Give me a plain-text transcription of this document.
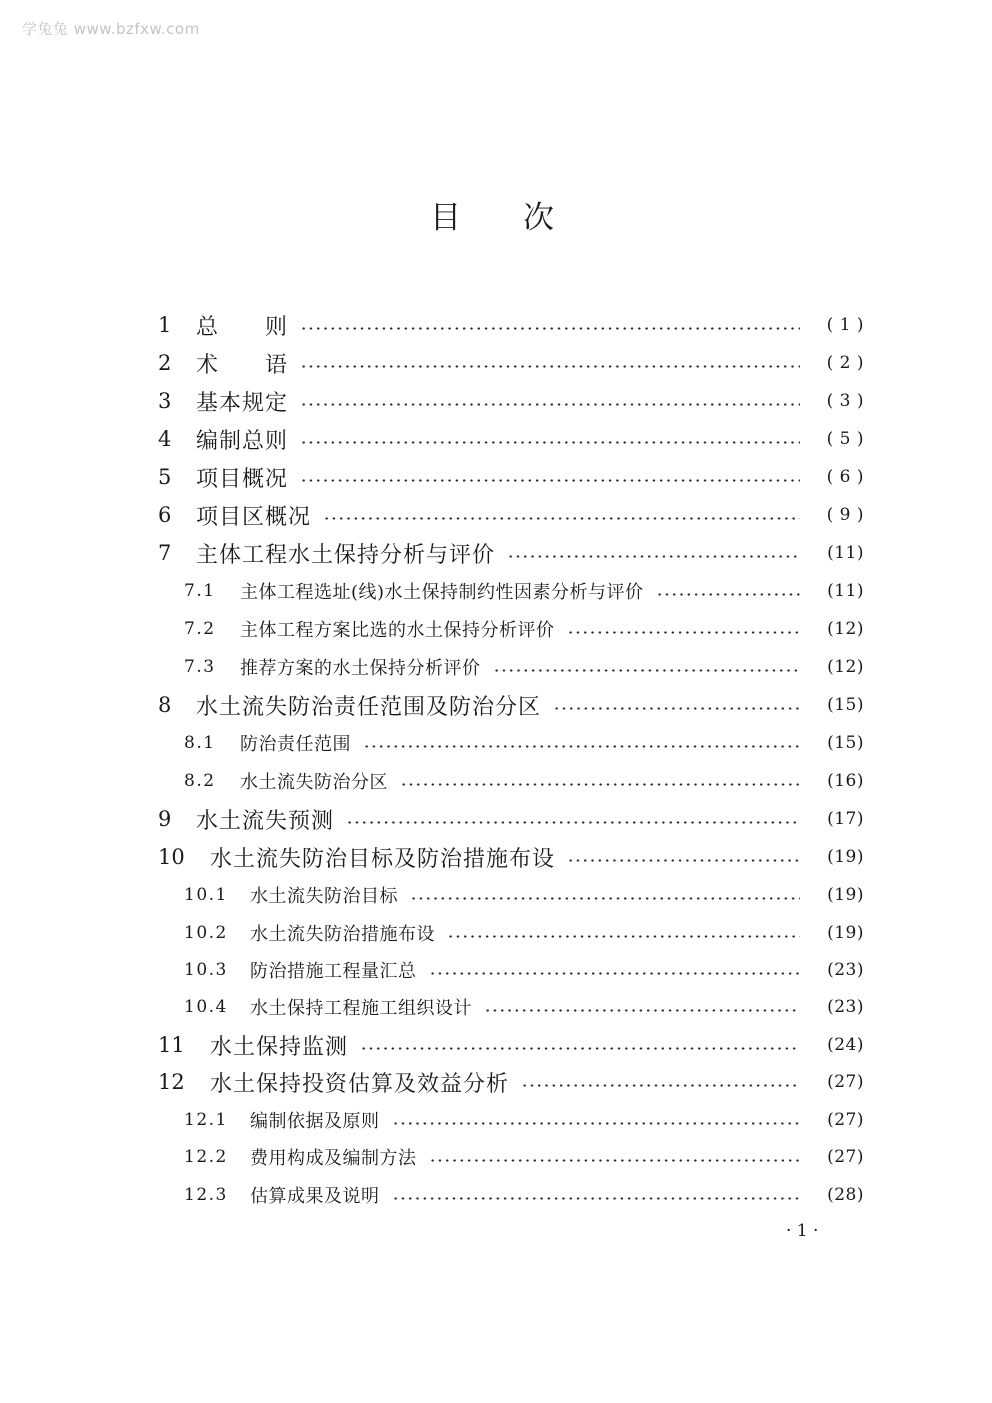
学兔兔 www.bzfxw.com
目次
1	总　　则	( 1 )
2	术　　语	( 2 )
3	基本规定	( 3 )
4	编制总则	( 5 )
5	项目概况	( 6 )
6	项目区概况	( 9 )
7	主体工程水土保持分析与评价	(11)
7.1	主体工程选址(线)水土保持制约性因素分析与评价	(11)
7.2	主体工程方案比选的水土保持分析评价	(12)
7.3	推荐方案的水土保持分析评价	(12)
8	水土流失防治责任范围及防治分区	(15)
8.1	防治责任范围	(15)
8.2	水土流失防治分区	(16)
9	水土流失预测	(17)
10	水土流失防治目标及防治措施布设	(19)
10.1	水土流失防治目标	(19)
10.2	水土流失防治措施布设	(19)
10.3	防治措施工程量汇总	(23)
10.4	水土保持工程施工组织设计	(23)
11	水土保持监测	(24)
12	水土保持投资估算及效益分析	(27)
12.1	编制依据及原则	(27)
12.2	费用构成及编制方法	(27)
12.3	估算成果及说明	(28)
· 1 ·
